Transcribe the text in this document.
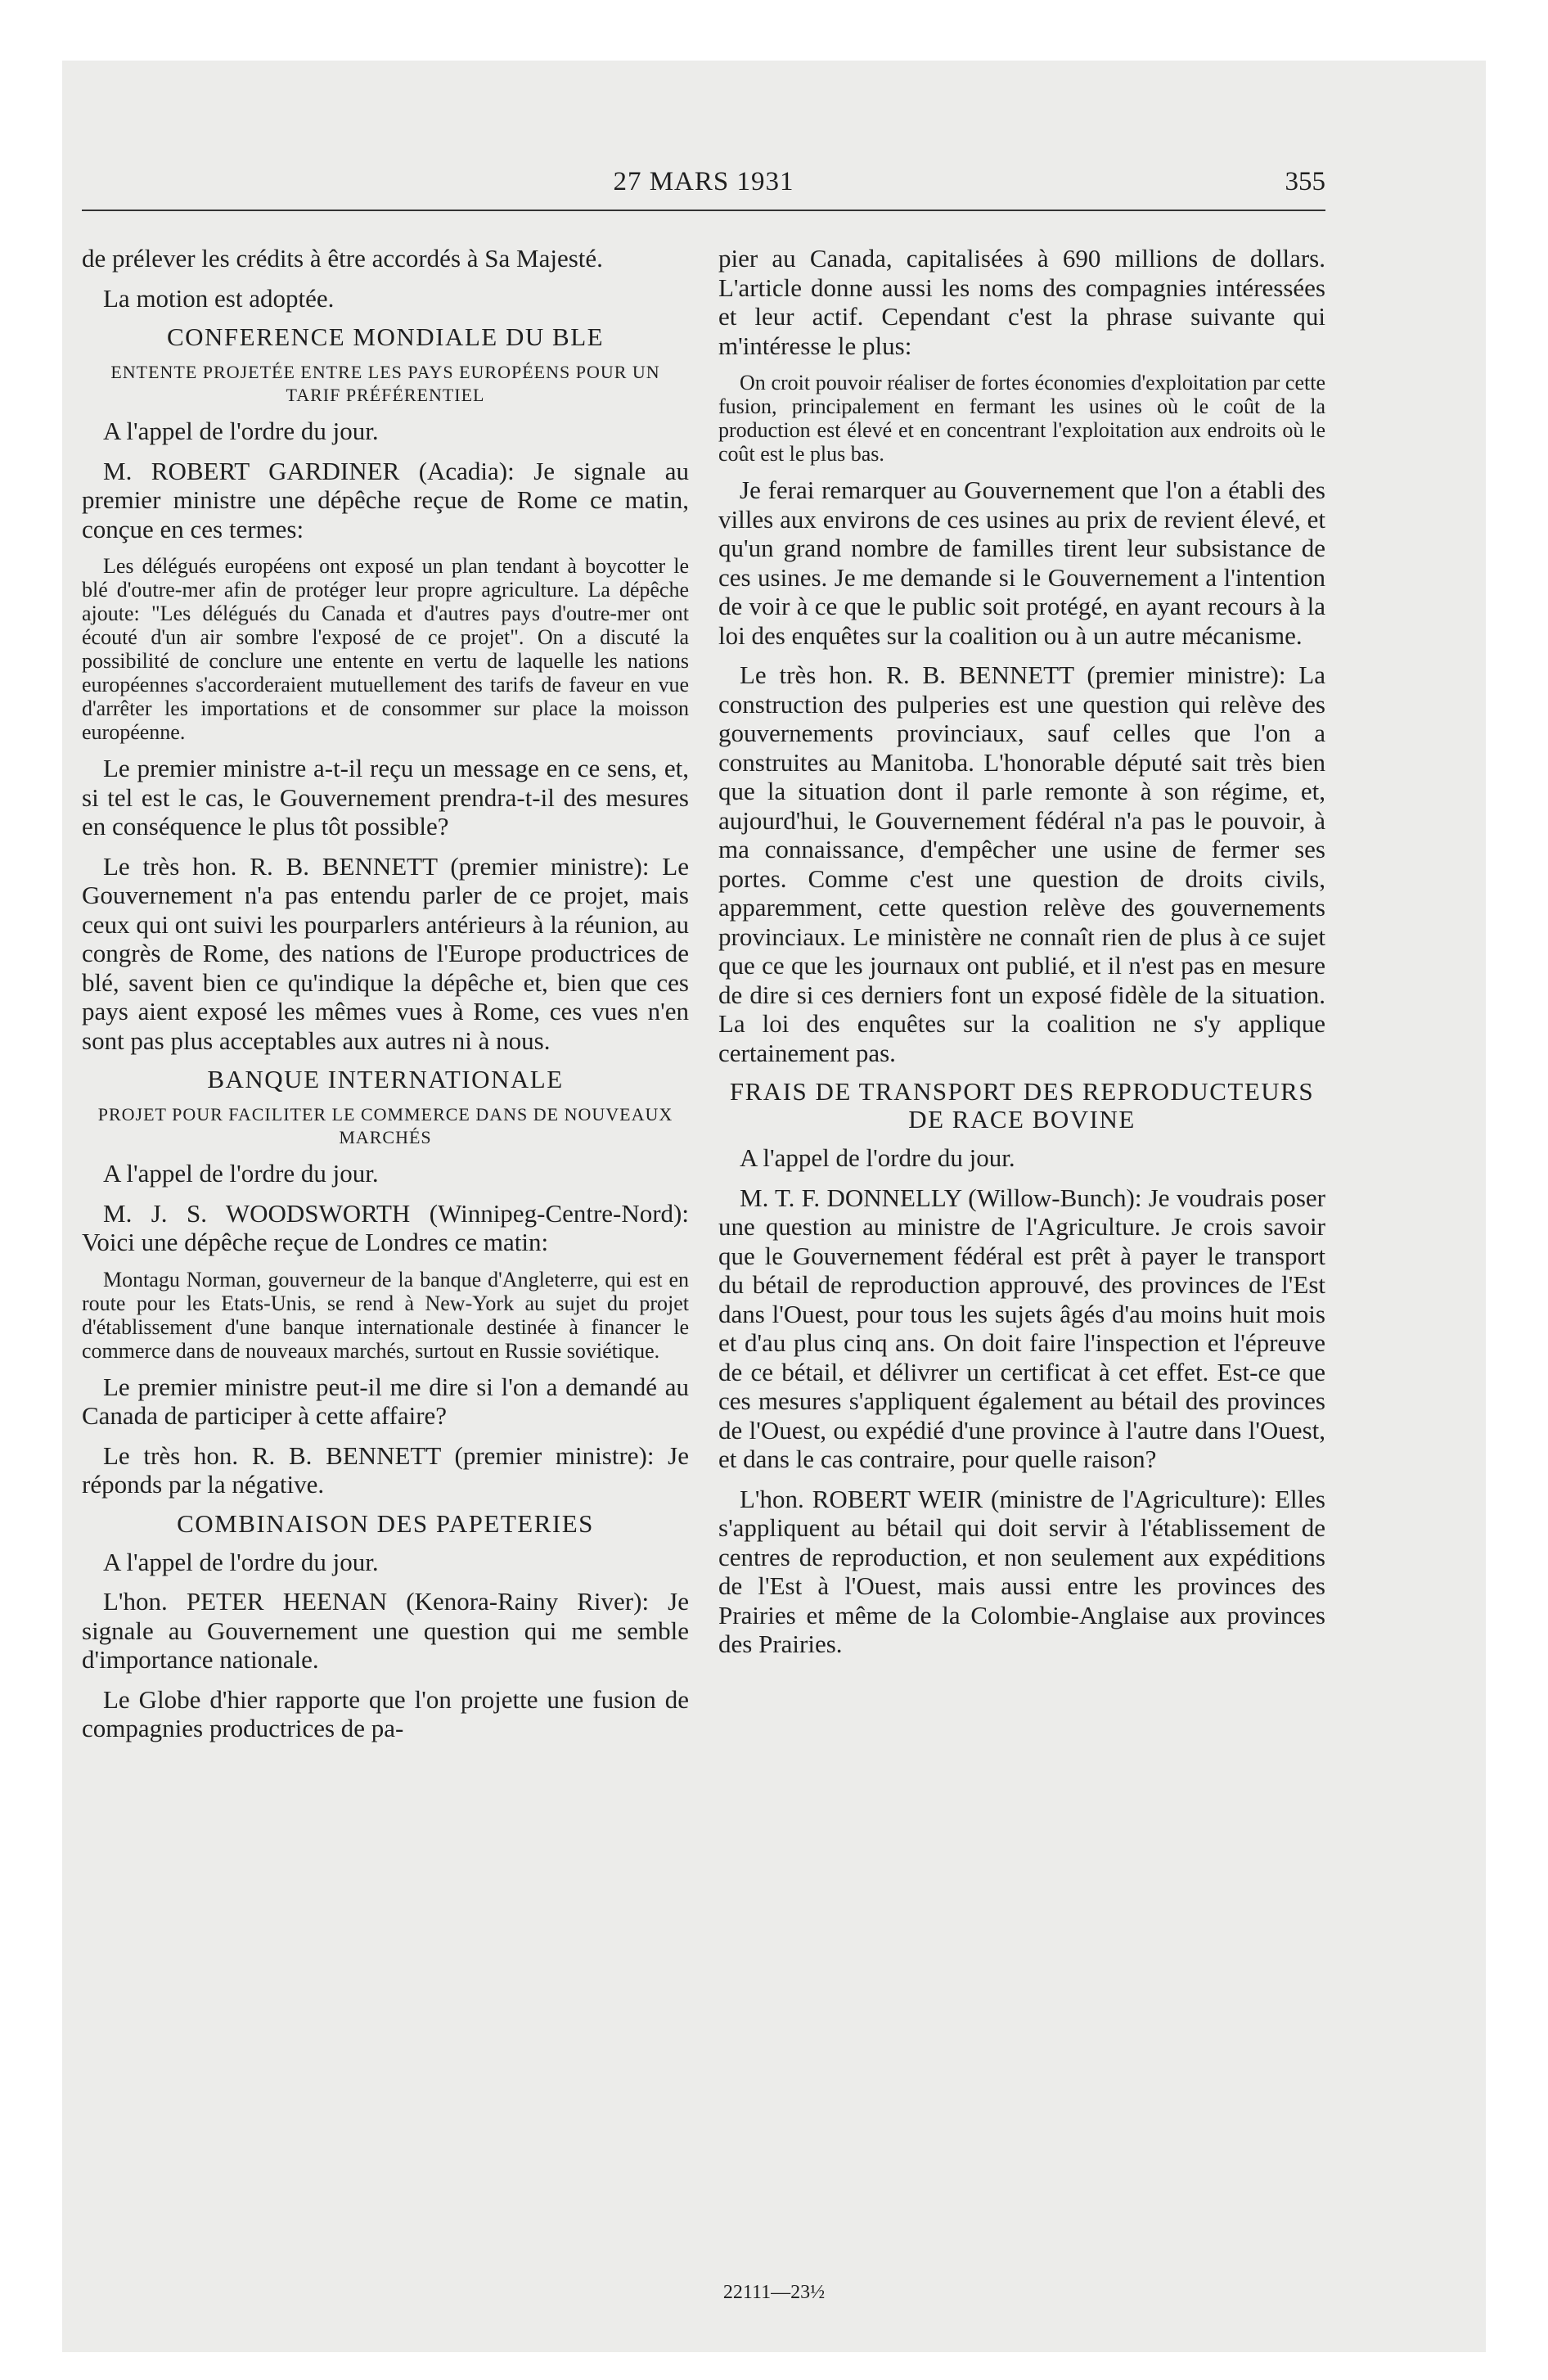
27 MARS 1931	355

de prélever les crédits à être accordés à Sa Majesté.

La motion est adoptée.

CONFERENCE MONDIALE DU BLE
ENTENTE PROJETÉE ENTRE LES PAYS EUROPÉENS POUR UN TARIF PRÉFÉRENTIEL

A l'appel de l'ordre du jour.

M. ROBERT GARDINER (Acadia): Je signale au premier ministre une dépêche reçue de Rome ce matin, conçue en ces termes:

Les délégués européens ont exposé un plan tendant à boycotter le blé d'outre-mer afin de protéger leur propre agriculture. La dépêche ajoute: "Les délégués du Canada et d'autres pays d'outre-mer ont écouté d'un air sombre l'exposé de ce projet". On a discuté la possibilité de conclure une entente en vertu de laquelle les nations européennes s'accorderaient mutuellement des tarifs de faveur en vue d'arrêter les importations et de consommer sur place la moisson européenne.

Le premier ministre a-t-il reçu un message en ce sens, et, si tel est le cas, le Gouvernement prendra-t-il des mesures en conséquence le plus tôt possible?

Le très hon. R. B. BENNETT (premier ministre): Le Gouvernement n'a pas entendu parler de ce projet, mais ceux qui ont suivi les pourparlers antérieurs à la réunion, au congrès de Rome, des nations de l'Europe productrices de blé, savent bien ce qu'indique la dépêche et, bien que ces pays aient exposé les mêmes vues à Rome, ces vues n'en sont pas plus acceptables aux autres ni à nous.

BANQUE INTERNATIONALE
PROJET POUR FACILITER LE COMMERCE DANS DE NOUVEAUX MARCHÉS

A l'appel de l'ordre du jour.

M. J. S. WOODSWORTH (Winnipeg-Centre-Nord): Voici une dépêche reçue de Londres ce matin:

Montagu Norman, gouverneur de la banque d'Angleterre, qui est en route pour les Etats-Unis, se rend à New-York au sujet du projet d'établissement d'une banque internationale destinée à financer le commerce dans de nouveaux marchés, surtout en Russie soviétique.

Le premier ministre peut-il me dire si l'on a demandé au Canada de participer à cette affaire?

Le très hon. R. B. BENNETT (premier ministre): Je réponds par la négative.

COMBINAISON DES PAPETERIES

A l'appel de l'ordre du jour.

L'hon. PETER HEENAN (Kenora-Rainy River): Je signale au Gouvernement une question qui me semble d'importance nationale.

Le Globe d'hier rapporte que l'on projette une fusion de compagnies productrices de pa-

pier au Canada, capitalisées à 690 millions de dollars. L'article donne aussi les noms des compagnies intéressées et leur actif. Cependant c'est la phrase suivante qui m'intéresse le plus:

On croit pouvoir réaliser de fortes économies d'exploitation par cette fusion, principalement en fermant les usines où le coût de la production est élevé et en concentrant l'exploitation aux endroits où le coût est le plus bas.

Je ferai remarquer au Gouvernement que l'on a établi des villes aux environs de ces usines au prix de revient élevé, et qu'un grand nombre de familles tirent leur subsistance de ces usines. Je me demande si le Gouvernement a l'intention de voir à ce que le public soit protégé, en ayant recours à la loi des enquêtes sur la coalition ou à un autre mécanisme.

Le très hon. R. B. BENNETT (premier ministre): La construction des pulperies est une question qui relève des gouvernements provinciaux, sauf celles que l'on a construites au Manitoba. L'honorable député sait très bien que la situation dont il parle remonte à son régime, et, aujourd'hui, le Gouvernement fédéral n'a pas le pouvoir, à ma connaissance, d'empêcher une usine de fermer ses portes. Comme c'est une question de droits civils, apparemment, cette question relève des gouvernements provinciaux. Le ministère ne connaît rien de plus à ce sujet que ce que les journaux ont publié, et il n'est pas en mesure de dire si ces derniers font un exposé fidèle de la situation. La loi des enquêtes sur la coalition ne s'y applique certainement pas.

FRAIS DE TRANSPORT DES REPRODUCTEURS DE RACE BOVINE

A l'appel de l'ordre du jour.

M. T. F. DONNELLY (Willow-Bunch): Je voudrais poser une question au ministre de l'Agriculture. Je crois savoir que le Gouvernement fédéral est prêt à payer le transport du bétail de reproduction approuvé, des provinces de l'Est dans l'Ouest, pour tous les sujets âgés d'au moins huit mois et d'au plus cinq ans. On doit faire l'inspection et l'épreuve de ce bétail, et délivrer un certificat à cet effet. Est-ce que ces mesures s'appliquent également au bétail des provinces de l'Ouest, ou expédié d'une province à l'autre dans l'Ouest, et dans le cas contraire, pour quelle raison?

L'hon. ROBERT WEIR (ministre de l'Agriculture): Elles s'appliquent au bétail qui doit servir à l'établissement de centres de reproduction, et non seulement aux expéditions de l'Est à l'Ouest, mais aussi entre les provinces des Prairies et même de la Colombie-Anglaise aux provinces des Prairies.

22111—23½
